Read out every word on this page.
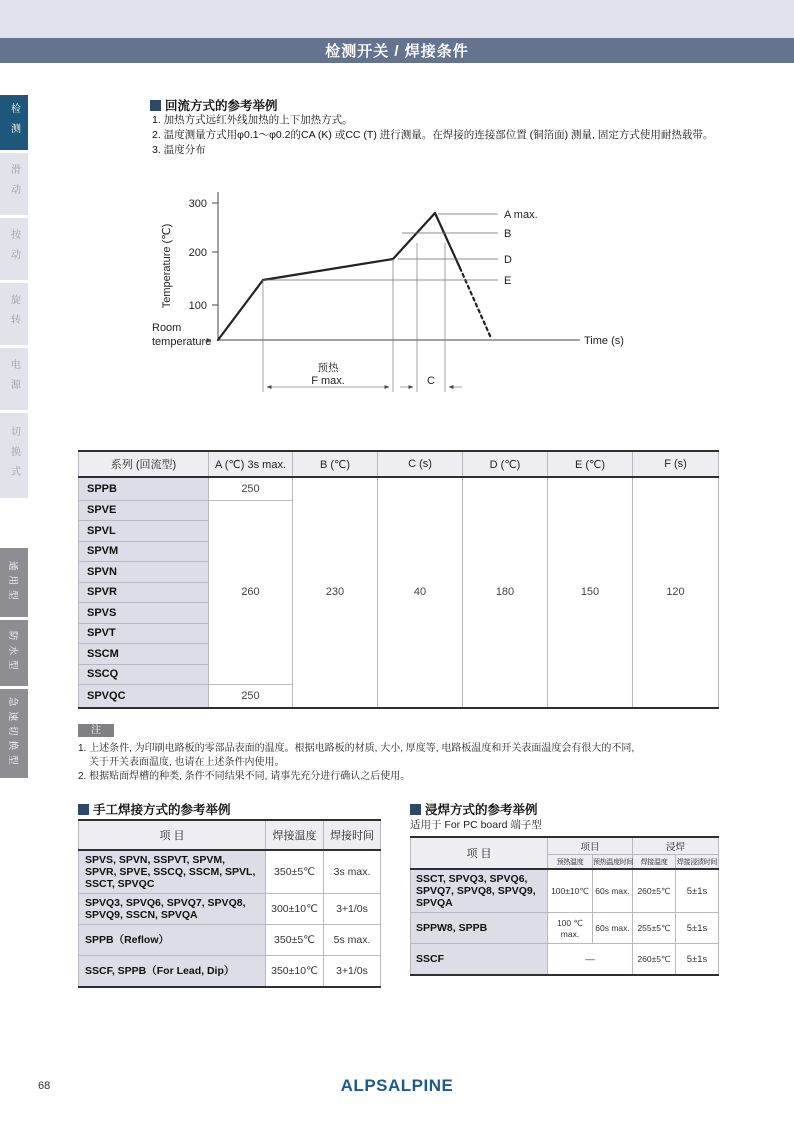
检测开关 / 焊接条件
检测
滑动
按动
旋转
电源
切换式
通用型
防水型
急速切换型
回流方式的参考举例
1. 加热方式远红外线加热的上下加热方式。
2. 温度测量方式用φ0.1～φ0.2的CA (K) 或CC (T) 进行测量。在焊接的连接部位置 (铜箔面) 测量, 固定方式使用耐热载带。
3. 温度分布
300
200
100
Temperature (℃)
Time (s)
Room
temperature
A max.
B
D
E
预热
F max.	C
系列 (回流型)	A (℃) 3s max.	B (℃)	C (s)	D (℃)	E (℃)	F (s)
SPPB	250	230	40	180	150	120
SPVE	260					
SPVL						
SPVM						
SPVN						
SPVR						
SPVS						
SPVT						
SSCM						
SSCQ						
SPVQC	250					
注
1. 上述条件, 为印刷电路板的零部品表面的温度。根据电路板的材质, 大小, 厚度等, 电路板温度和开关表面温度会有很大的不同,
关于开关表面温度, 也请在上述条件内使用。
2. 根据贴面焊槽的种类, 条件不同结果不同, 请事先充分进行确认之后使用。
手工焊接方式的参考举例
项 目	焊接温度	焊接时间
SPVS, SPVN, SSPVT, SPVM, SPVR, SPVE, SSCQ, SSCM, SPVL, SSCT, SPVQC	350±5℃	3s max.
SPVQ3, SPVQ6, SPVQ7, SPVQ8, SPVQ9, SSCN, SPVQA	300±10℃	3+1/0s
SPPB（Reflow）	350±5℃	5s max.
SSCF, SPPB（For Lead, Dip）	350±10℃	3+1/0s
浸焊方式的参考举例
适用于 For PC board 端子型
项 目	项目		浸焊	
	预热温度	预热温度时间	焊接温度	焊接浸渍时间
SSCT, SPVQ3, SPVQ6, SPVQ7, SPVQ8, SPVQ9, SPVQA	100±10℃	60s max.	260±5℃	5±1s
SPPW8, SPPB	100 ℃ max.	60s max.	255±5℃	5±1s
SSCF	—		260±5℃	5±1s
68	ALPSALPINE
